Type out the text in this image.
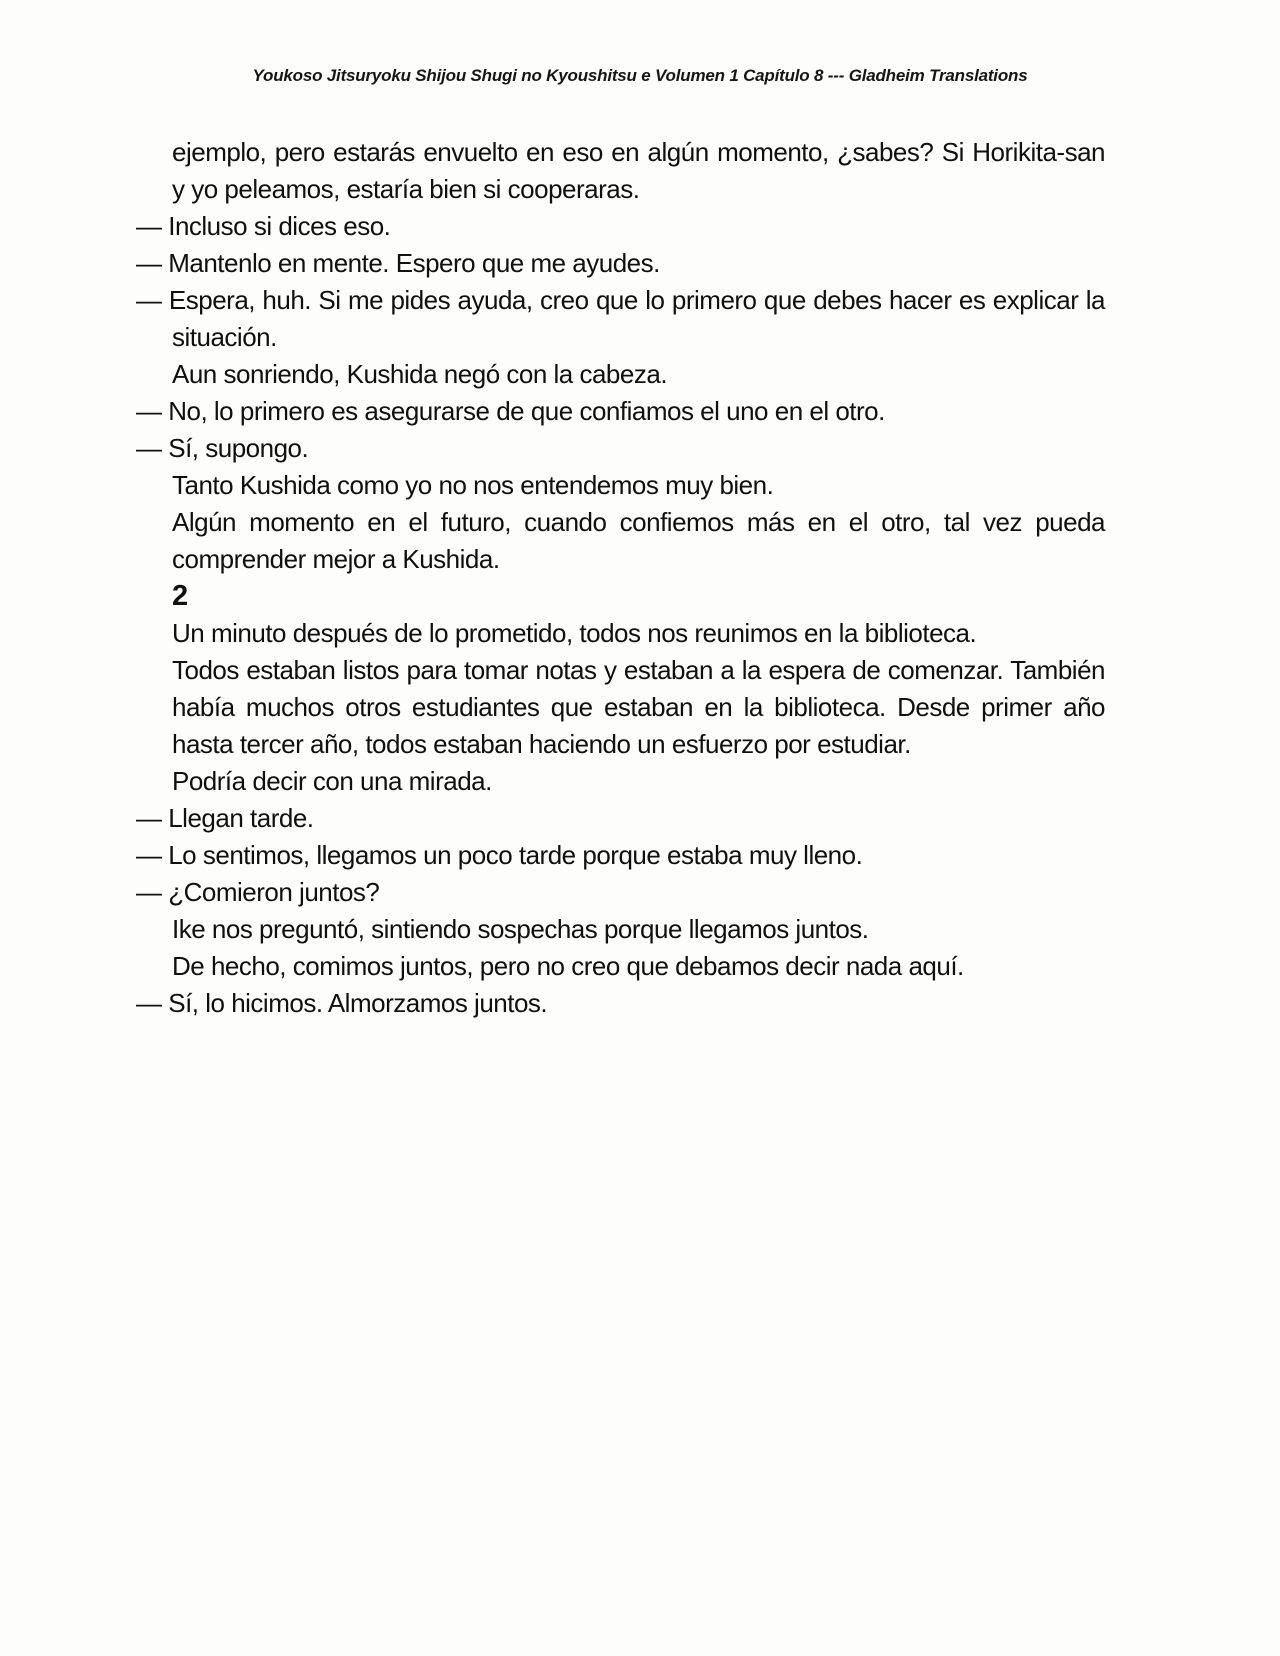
Youkoso Jitsuryoku Shijou Shugi no Kyoushitsu e Volumen 1 Capítulo 8 --- Gladheim Translations

ejemplo, pero estarás envuelto en eso en algún momento, ¿sabes? Si Horikita-san y yo peleamos, estaría bien si cooperaras.

— Incluso si dices eso.

— Mantenlo en mente. Espero que me ayudes.

— Espera, huh. Si me pides ayuda, creo que lo primero que debes hacer es explicar la situación.

Aun sonriendo, Kushida negó con la cabeza.

— No, lo primero es asegurarse de que confiamos el uno en el otro.

— Sí, supongo.

Tanto Kushida como yo no nos entendemos muy bien.

Algún momento en el futuro, cuando confiemos más en el otro, tal vez pueda comprender mejor a Kushida.

2

Un minuto después de lo prometido, todos nos reunimos en la biblioteca.

Todos estaban listos para tomar notas y estaban a la espera de comenzar. También había muchos otros estudiantes que estaban en la biblioteca. Desde primer año hasta tercer año, todos estaban haciendo un esfuerzo por estudiar.

Podría decir con una mirada.

— Llegan tarde.

— Lo sentimos, llegamos un poco tarde porque estaba muy lleno.

— ¿Comieron juntos?

Ike nos preguntó, sintiendo sospechas porque llegamos juntos.

De hecho, comimos juntos, pero no creo que debamos decir nada aquí.

— Sí, lo hicimos. Almorzamos juntos.
